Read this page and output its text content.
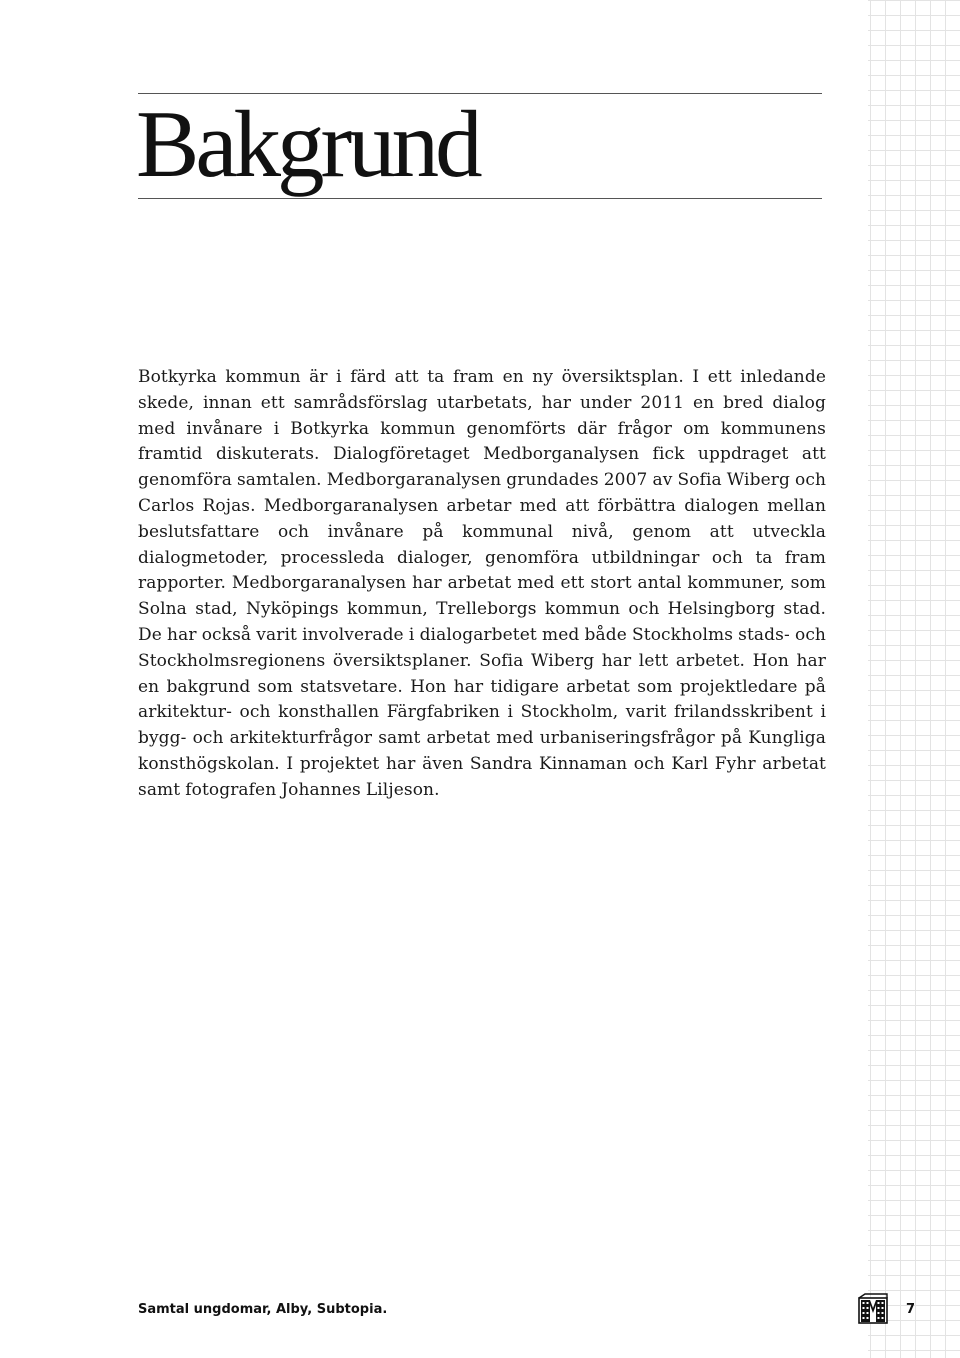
Bakgrund

Botkyrka kommun är i färd att ta fram en ny översiktsplan. I ett inledande skede, innan ett samrådsförslag utarbetats, har under 2011 en bred dialog med invånare i Botkyrka kommun genomförts där frågor om kommunens framtid diskuterats. Dialogföretaget Medborganalysen fick uppdraget att genomföra samtalen. Medborgaranalysen grundades 2007 av Sofia Wiberg och Carlos Rojas. Medborgaranalysen arbetar med att förbättra dialogen mellan beslutsfattare och invånare på kommunal nivå, genom att utveckla dialogmetoder, processleda dialoger, genomföra utbildningar och ta fram rapporter. Medborgaranalysen har arbetat med ett stort antal kommuner, som Solna stad, Nyköpings kommun, Trelleborgs kommun och Helsingborg stad. De har också varit involverade i dialogarbetet med både Stockholms stads- och Stockholmsregionens översiktsplaner. Sofia Wiberg har lett arbetet. Hon har en bakgrund som statsvetare. Hon har tidigare arbetat som projektledare på arkitektur- och konsthallen Färgfabriken i Stockholm, varit frilandsskribent i bygg- och arkitekturfrågor samt arbetat med urbaniseringsfrågor på Kungliga konsthögskolan. I projektet har även Sandra Kinnaman och Karl Fyhr arbetat samt fotografen Johannes Liljeson.

Samtal ungdomar, Alby, Subtopia.	7
